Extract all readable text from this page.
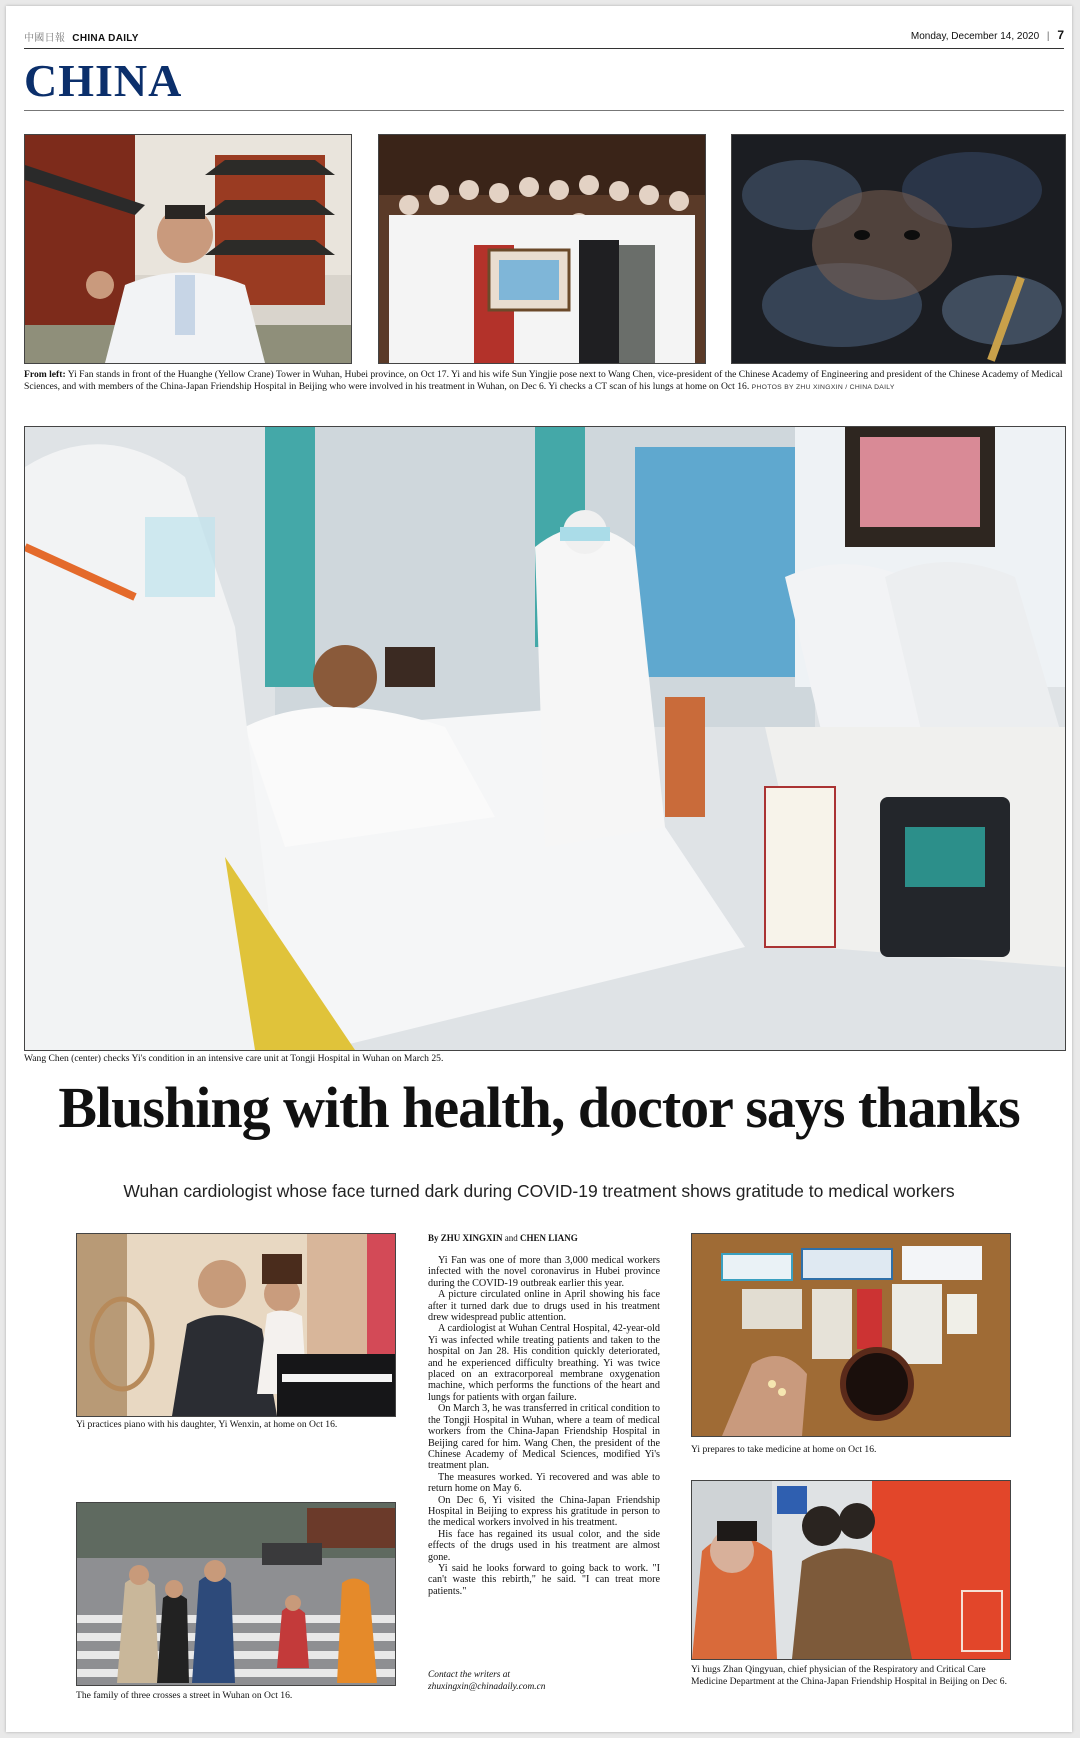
中國日報 CHINA DAILY	Monday, December 14, 2020 | 7
CHINA
From left: Yi Fan stands in front of the Huanghe (Yellow Crane) Tower in Wuhan, Hubei province, on Oct 17. Yi and his wife Sun Yingjie pose next to Wang Chen, vice-president of the Chinese Academy of Engineering and president of the Chinese Academy of Medical Sciences, and with members of the China-Japan Friendship Hospital in Beijing who were involved in his treatment in Wuhan, on Dec 6. Yi checks a CT scan of his lungs at home on Oct 16. PHOTOS BY ZHU XINGXIN / CHINA DAILY
Wang Chen (center) checks Yi's condition in an intensive care unit at Tongji Hospital in Wuhan on March 25.
Blushing with health, doctor says thanks
Wuhan cardiologist whose face turned dark during COVID-19 treatment shows gratitude to medical workers
Yi practices piano with his daughter, Yi Wenxin, at home on Oct 16.
The family of three crosses a street in Wuhan on Oct 16.
By ZHU XINGXIN and CHEN LIANG

Yi Fan was one of more than 3,000 medical workers infected with the novel coronavirus in Hubei province during the COVID-19 outbreak earlier this year.

A picture circulated online in April showing his face after it turned dark due to drugs used in his treatment drew widespread public attention.

A cardiologist at Wuhan Central Hospital, 42-year-old Yi was infected while treating patients and taken to the hospital on Jan 28. His condition quickly deteriorated, and he experienced difficulty breathing. Yi was twice placed on an extracorporeal membrane oxygenation machine, which performs the functions of the heart and lungs for patients with organ failure.

On March 3, he was transferred in critical condition to the Tongji Hospital in Wuhan, where a team of medical workers from the China-Japan Friendship Hospital in Beijing cared for him. Wang Chen, the president of the Chinese Academy of Medical Sciences, modified Yi's treatment plan.

The measures worked. Yi recovered and was able to return home on May 6.

On Dec 6, Yi visited the China-Japan Friendship Hospital in Beijing to express his gratitude in person to the medical workers involved in his treatment.

His face has regained its usual color, and the side effects of the drugs used in his treatment are almost gone.

Yi said he looks forward to going back to work. "I can't waste this rebirth," he said. "I can treat more patients."

Contact the writers at
zhuxingxin@chinadaily.com.cn
Yi prepares to take medicine at home on Oct 16.
Yi hugs Zhan Qingyuan, chief physician of the Respiratory and Critical Care Medicine Department at the China-Japan Friendship Hospital in Beijing on Dec 6.
